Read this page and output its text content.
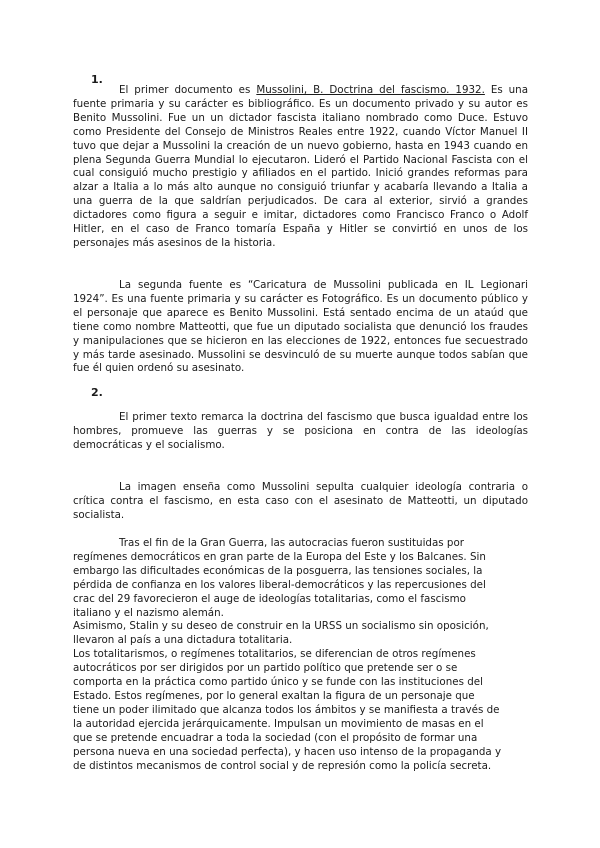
1.
El primer documento es Mussolini, B. Doctrina del fascismo. 1932. Es una fuente primaria y su carácter es bibliográfico. Es un documento privado y su autor es Benito Mussolini. Fue un un dictador fascista italiano nombrado como Duce. Estuvo como Presidente del Consejo de Ministros Reales entre 1922, cuando Víctor Manuel II tuvo que dejar a Mussolini la creación de un nuevo gobierno, hasta en 1943 cuando en plena Segunda Guerra Mundial lo ejecutaron. Lideró el Partido Nacional Fascista con el cual consiguió mucho prestigio y afiliados en el partido. Inició grandes reformas para alzar a Italia a lo más alto aunque no consiguió triunfar y acabaría llevando a Italia a una guerra de la que saldrían perjudicados. De cara al exterior, sirvió a grandes dictadores como figura a seguir e imitar, dictadores como Francisco Franco o Adolf Hitler, en el caso de Franco tomaría España y Hitler se convirtió en unos de los personajes más asesinos de la historia.
La segunda fuente es “Caricatura de Mussolini publicada en IL Legionari 1924”. Es una fuente primaria y su carácter es Fotográfico. Es un documento público y el personaje que aparece es Benito Mussolini. Está sentado encima de un ataúd que tiene como nombre Matteotti, que fue un diputado socialista que denunció los fraudes y manipulaciones que se hicieron en las elecciones de 1922, entonces fue secuestrado y más tarde asesinado. Mussolini se desvinculó de su muerte aunque todos sabían que fue él quien ordenó su asesinato.
2.
El primer texto remarca la doctrina del fascismo que busca igualdad entre los hombres, promueve las guerras y se posiciona en contra de las ideologías democráticas y el socialismo.
La imagen enseña como Mussolini sepulta cualquier ideología contraria o crítica contra el fascismo, en esta caso con el asesinato de Matteotti, un diputado socialista.
Tras el fin de la Gran Guerra, las autocracias fueron sustituidas por
regímenes democráticos en gran parte de la Europa del Este y los Balcanes. Sin
embargo las dificultades económicas de la posguerra, las tensiones sociales, la
pérdida de confianza en los valores liberal-democráticos y las repercusiones del
crac del 29 favorecieron el auge de ideologías totalitarias, como el fascismo
italiano y el nazismo alemán.
Asimismo, Stalin y su deseo de construir en la URSS un socialismo sin oposición,
llevaron al país a una dictadura totalitaria.
Los totalitarismos, o regímenes totalitarios, se diferencian de otros regímenes
autocráticos por ser dirigidos por un partido político que pretende ser o se
comporta en la práctica como partido único y se funde con las instituciones del
Estado. Estos regímenes, por lo general exaltan la figura de un personaje que
tiene un poder ilimitado que alcanza todos los ámbitos y se manifiesta a través de
la autoridad ejercida jerárquicamente. Impulsan un movimiento de masas en el
que se pretende encuadrar a toda la sociedad (con el propósito de formar una
persona nueva en una sociedad perfecta), y hacen uso intenso de la propaganda y
de distintos mecanismos de control social y de represión como la policía secreta.
